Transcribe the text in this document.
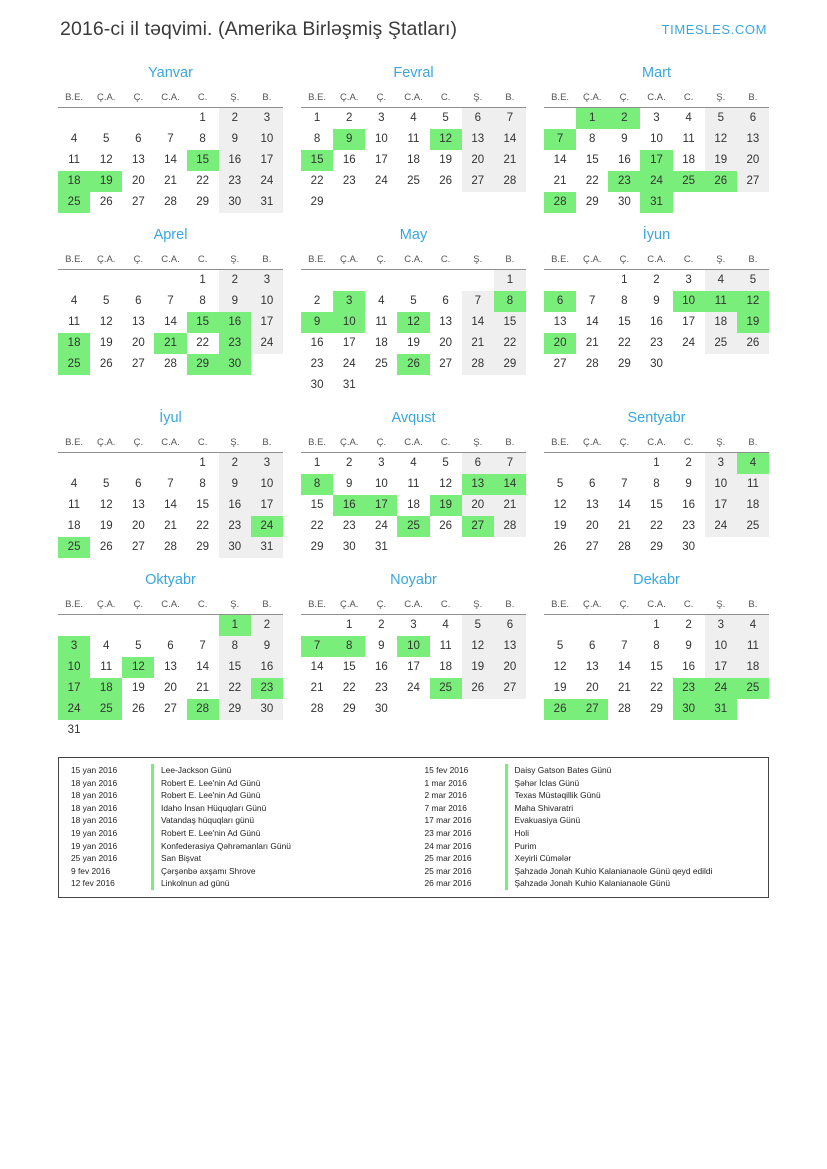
2016-ci il təqvimi. (Amerika Birləşmiş Ştatları)	TIMESLES.COM
Yanvar
B.E.	Ç.A.	Ç.	C.A.	C.	Ş.	B.

				1	2	3

4	5	6	7	8	9	10

11	12	13	14	15	16	17

18	19	20	21	22	23	24

25	26	27	28	29	30	31
Fevral
B.E.	Ç.A.	Ç.	C.A.	C.	Ş.	B.

1	2	3	4	5	6	7

8	9	10	11	12	13	14

15	16	17	18	19	20	21

22	23	24	25	26	27	28

29						

Mart
B.E.	Ç.A.	Ç.	C.A.	C.	Ş.	B.

	1	2	3	4	5	6

7	8	9	10	11	12	13

14	15	16	17	18	19	20

21	22	23	24	25	26	27

28	29	30	31			

Aprel
B.E.	Ç.A.	Ç.	C.A.	C.	Ş.	B.

				1	2	3

4	5	6	7	8	9	10

11	12	13	14	15	16	17

18	19	20	21	22	23	24

25	26	27	28	29	30	

May
B.E.	Ç.A.	Ç.	C.A.	C.	Ş.	B.

						1

2	3	4	5	6	7	8

9	10	11	12	13	14	15

16	17	18	19	20	21	22

23	24	25	26	27	28	29

30	31					

İyun
B.E.	Ç.A.	Ç.	C.A.	C.	Ş.	B.

		1	2	3	4	5

6	7	8	9	10	11	12

13	14	15	16	17	18	19

20	21	22	23	24	25	26

27	28	29	30			

İyul
B.E.	Ç.A.	Ç.	C.A.	C.	Ş.	B.

				1	2	3

4	5	6	7	8	9	10

11	12	13	14	15	16	17

18	19	20	21	22	23	24

25	26	27	28	29	30	31
Avqust
B.E.	Ç.A.	Ç.	C.A.	C.	Ş.	B.

1	2	3	4	5	6	7

8	9	10	11	12	13	14

15	16	17	18	19	20	21

22	23	24	25	26	27	28

29	30	31				

Sentyabr
B.E.	Ç.A.	Ç.	C.A.	C.	Ş.	B.

			1	2	3	4

5	6	7	8	9	10	11

12	13	14	15	16	17	18

19	20	21	22	23	24	25

26	27	28	29	30		

Oktyabr
B.E.	Ç.A.	Ç.	C.A.	C.	Ş.	B.

					1	2

3	4	5	6	7	8	9

10	11	12	13	14	15	16

17	18	19	20	21	22	23

24	25	26	27	28	29	30

31						

Noyabr
B.E.	Ç.A.	Ç.	C.A.	C.	Ş.	B.

	1	2	3	4	5	6

7	8	9	10	11	12	13

14	15	16	17	18	19	20

21	22	23	24	25	26	27

28	29	30				

Dekabr
B.E.	Ç.A.	Ç.	C.A.	C.	Ş.	B.

			1	2	3	4

5	6	7	8	9	10	11

12	13	14	15	16	17	18

19	20	21	22	23	24	25

26	27	28	29	30	31	

15 yan 2016	Lee-Jackson Günü
18 yan 2016	Robert E. Lee'nin Ad Günü
18 yan 2016	Robert E. Lee'nin Ad Günü
18 yan 2016	Idaho İnsan Hüquqları Günü
18 yan 2016	Vatandaş hüquqları günü
19 yan 2016	Robert E. Lee'nin Ad Günü
19 yan 2016	Konfederasiya Qəhrəmanları Günü
25 yan 2016	San Bişvat
9 fev 2016	Çərşənbə axşamı Shrove
12 fev 2016	Linkolnun ad günü
15 fev 2016	Daisy Gatson Bates Günü
1 mar 2016	Şəhər İclas Günü
2 mar 2016	Texas Müstəqillik Günü
7 mar 2016	Maha Shivaratri
17 mar 2016	Evakuasiya Günü
23 mar 2016	Holi
24 mar 2016	Purim
25 mar 2016	Xeyirli Cümələr
25 mar 2016	Şahzadə Jonah Kuhio Kalanianaole Günü qeyd edildi
26 mar 2016	Şahzadə Jonah Kuhio Kalanianaole Günü
